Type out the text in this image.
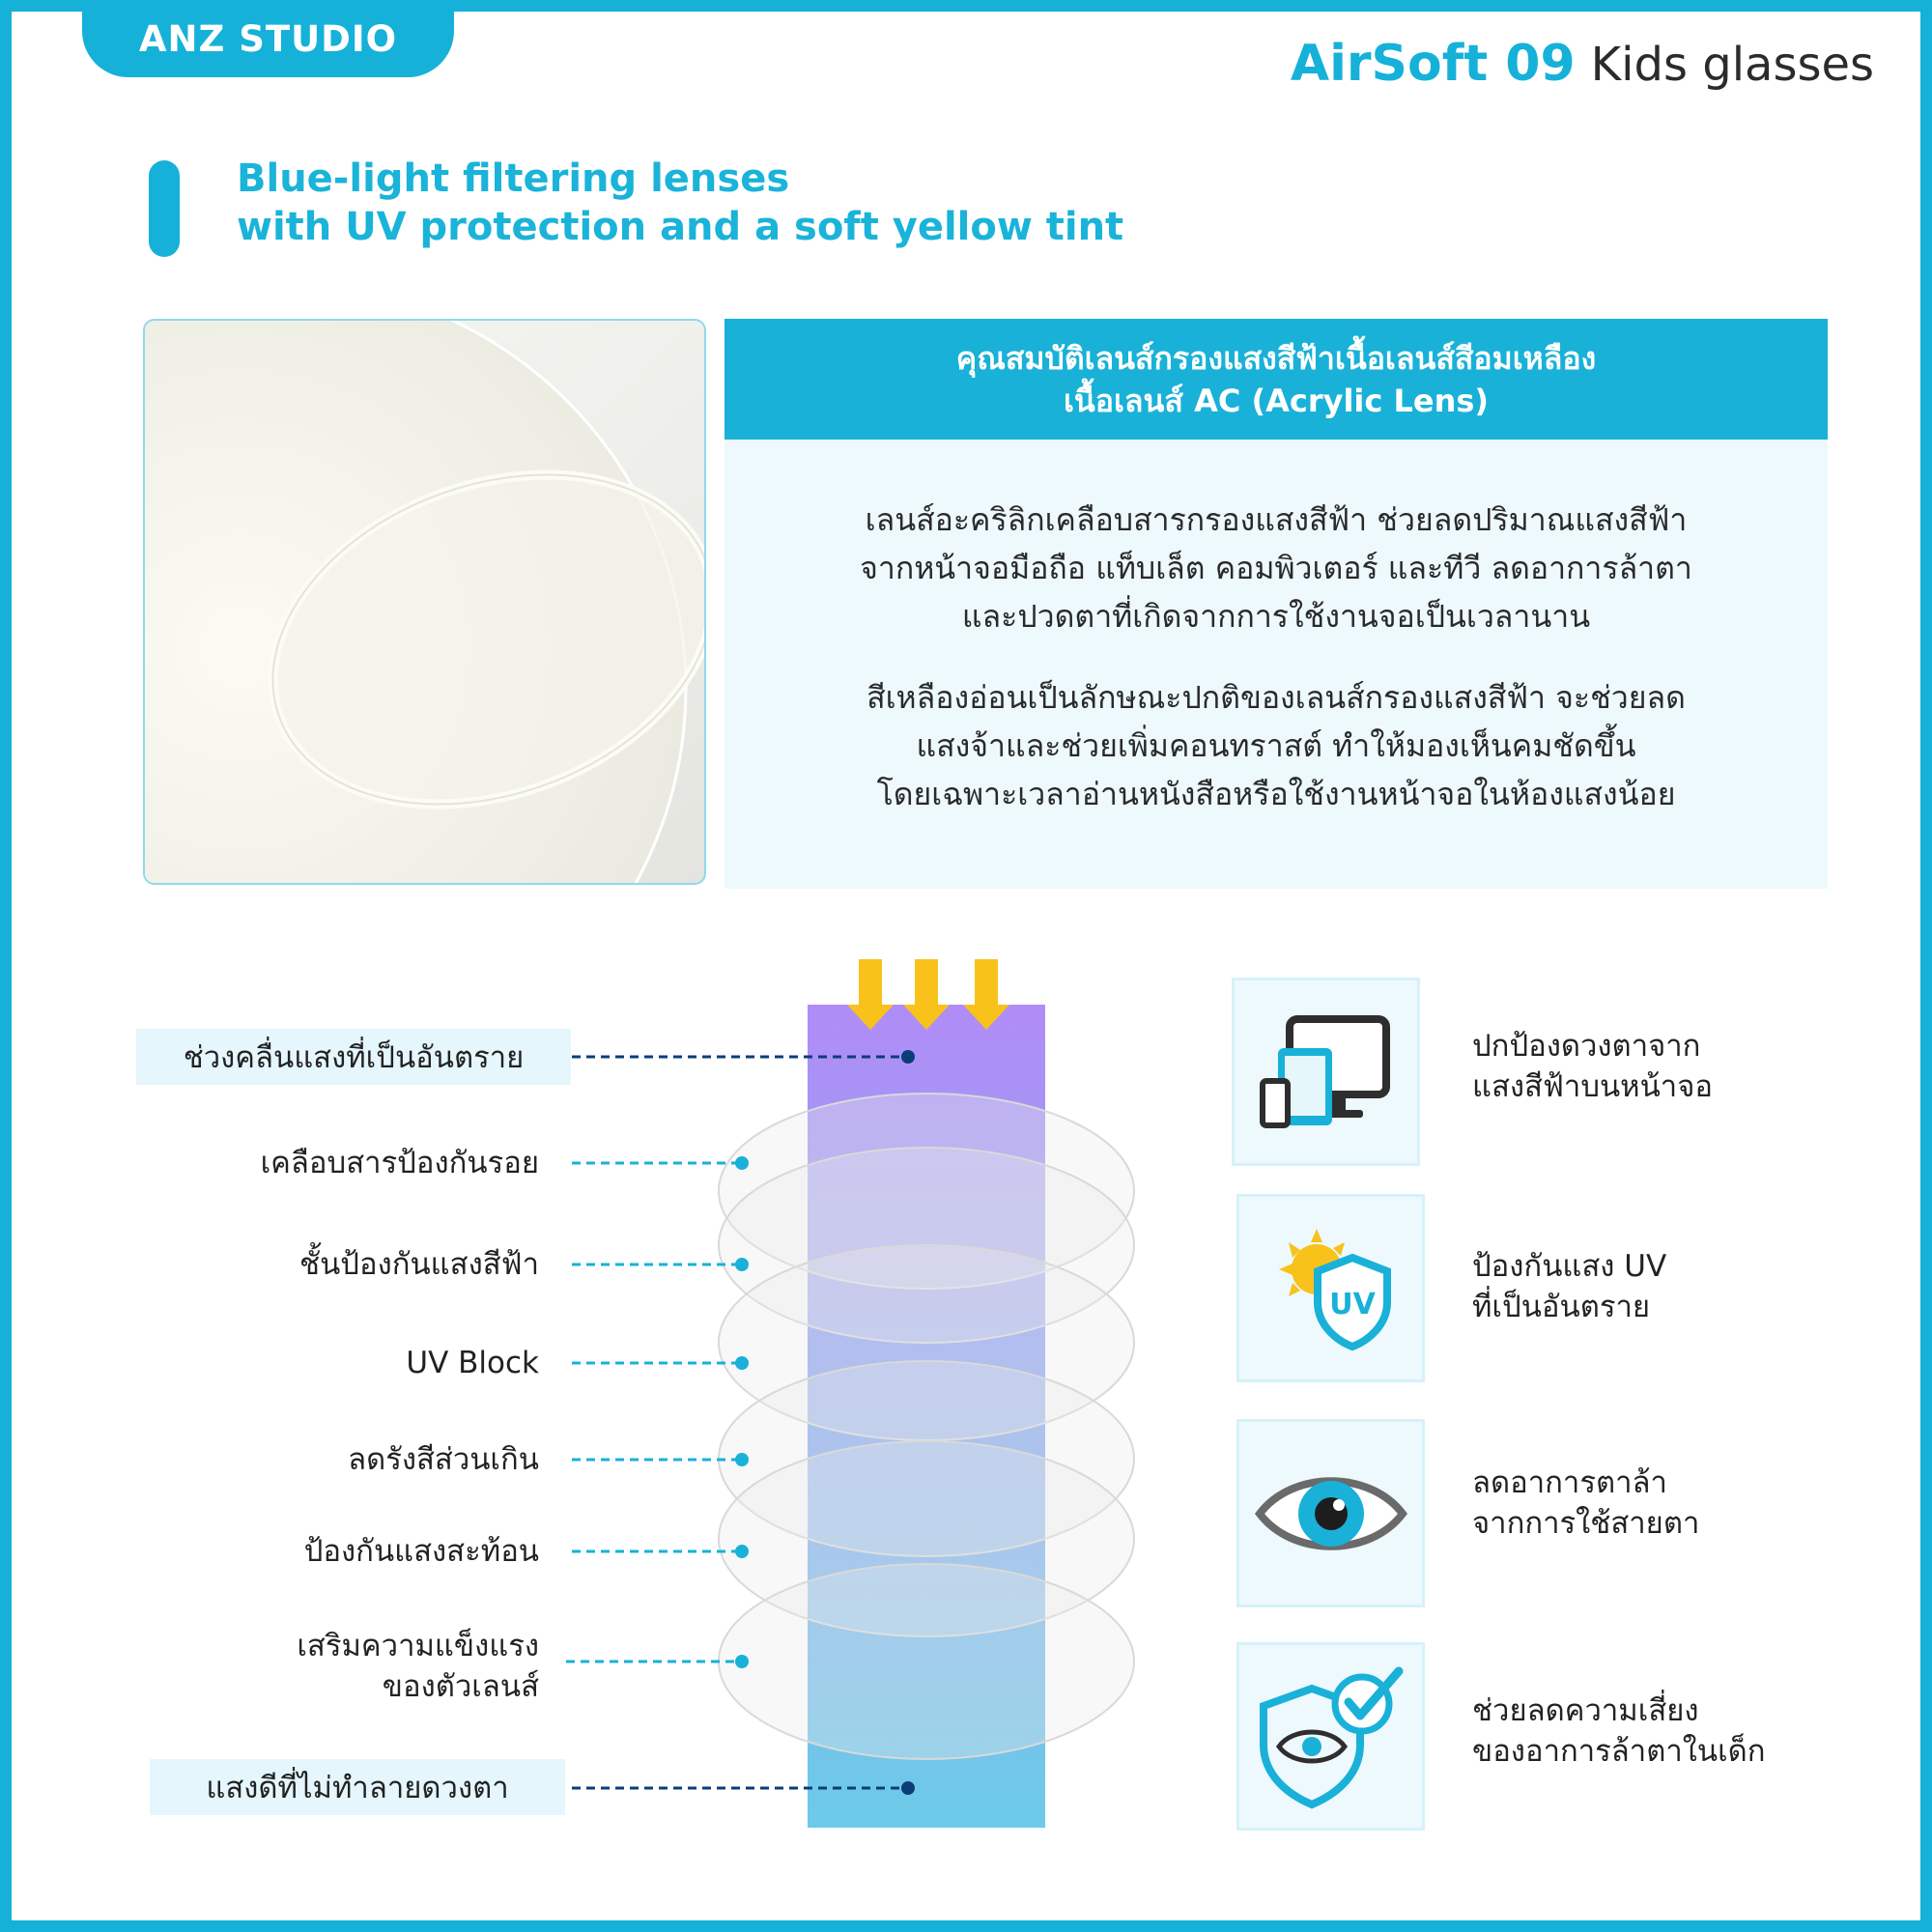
ANZ STUDIO	AirSoft 09 Kids glasses
Blue-light filtering lenses
with UV protection and a soft yellow tint
คุณสมบัติเลนส์กรองแสงสีฟ้าเนื้อเลนส์สีอมเหลือง
เนื้อเลนส์ AC (Acrylic Lens)

เลนส์อะคริลิกเคลือบสารกรองแสงสีฟ้า ช่วยลดปริมาณแสงสีฟ้า
จากหน้าจอมือถือ แท็บเล็ต คอมพิวเตอร์ และทีวี ลดอาการล้าตา
และปวดตาที่เกิดจากการใช้งานจอเป็นเวลานาน

สีเหลืองอ่อนเป็นลักษณะปกติของเลนส์กรองแสงสีฟ้า จะช่วยลด
แสงจ้าและช่วยเพิ่มคอนทราสต์ ทำให้มองเห็นคมชัดขึ้น
โดยเฉพาะเวลาอ่านหนังสือหรือใช้งานหน้าจอในห้องแสงน้อย

ช่วงคลื่นแสงที่เป็นอันตราย
เคลือบสารป้องกันรอย
ชั้นป้องกันแสงสีฟ้า
UV Block
ลดรังสีส่วนเกิน
ป้องกันแสงสะท้อน
เสริมความแข็งแรง
ของตัวเลนส์
แสงดีที่ไม่ทำลายดวงตา
ปกป้องดวงตาจาก
แสงสีฟ้าบนหน้าจอ
UV
ป้องกันแสง UV
ที่เป็นอันตราย
ลดอาการตาล้า
จากการใช้สายตา
ช่วยลดความเสี่ยง
ของอาการล้าตาในเด็ก
